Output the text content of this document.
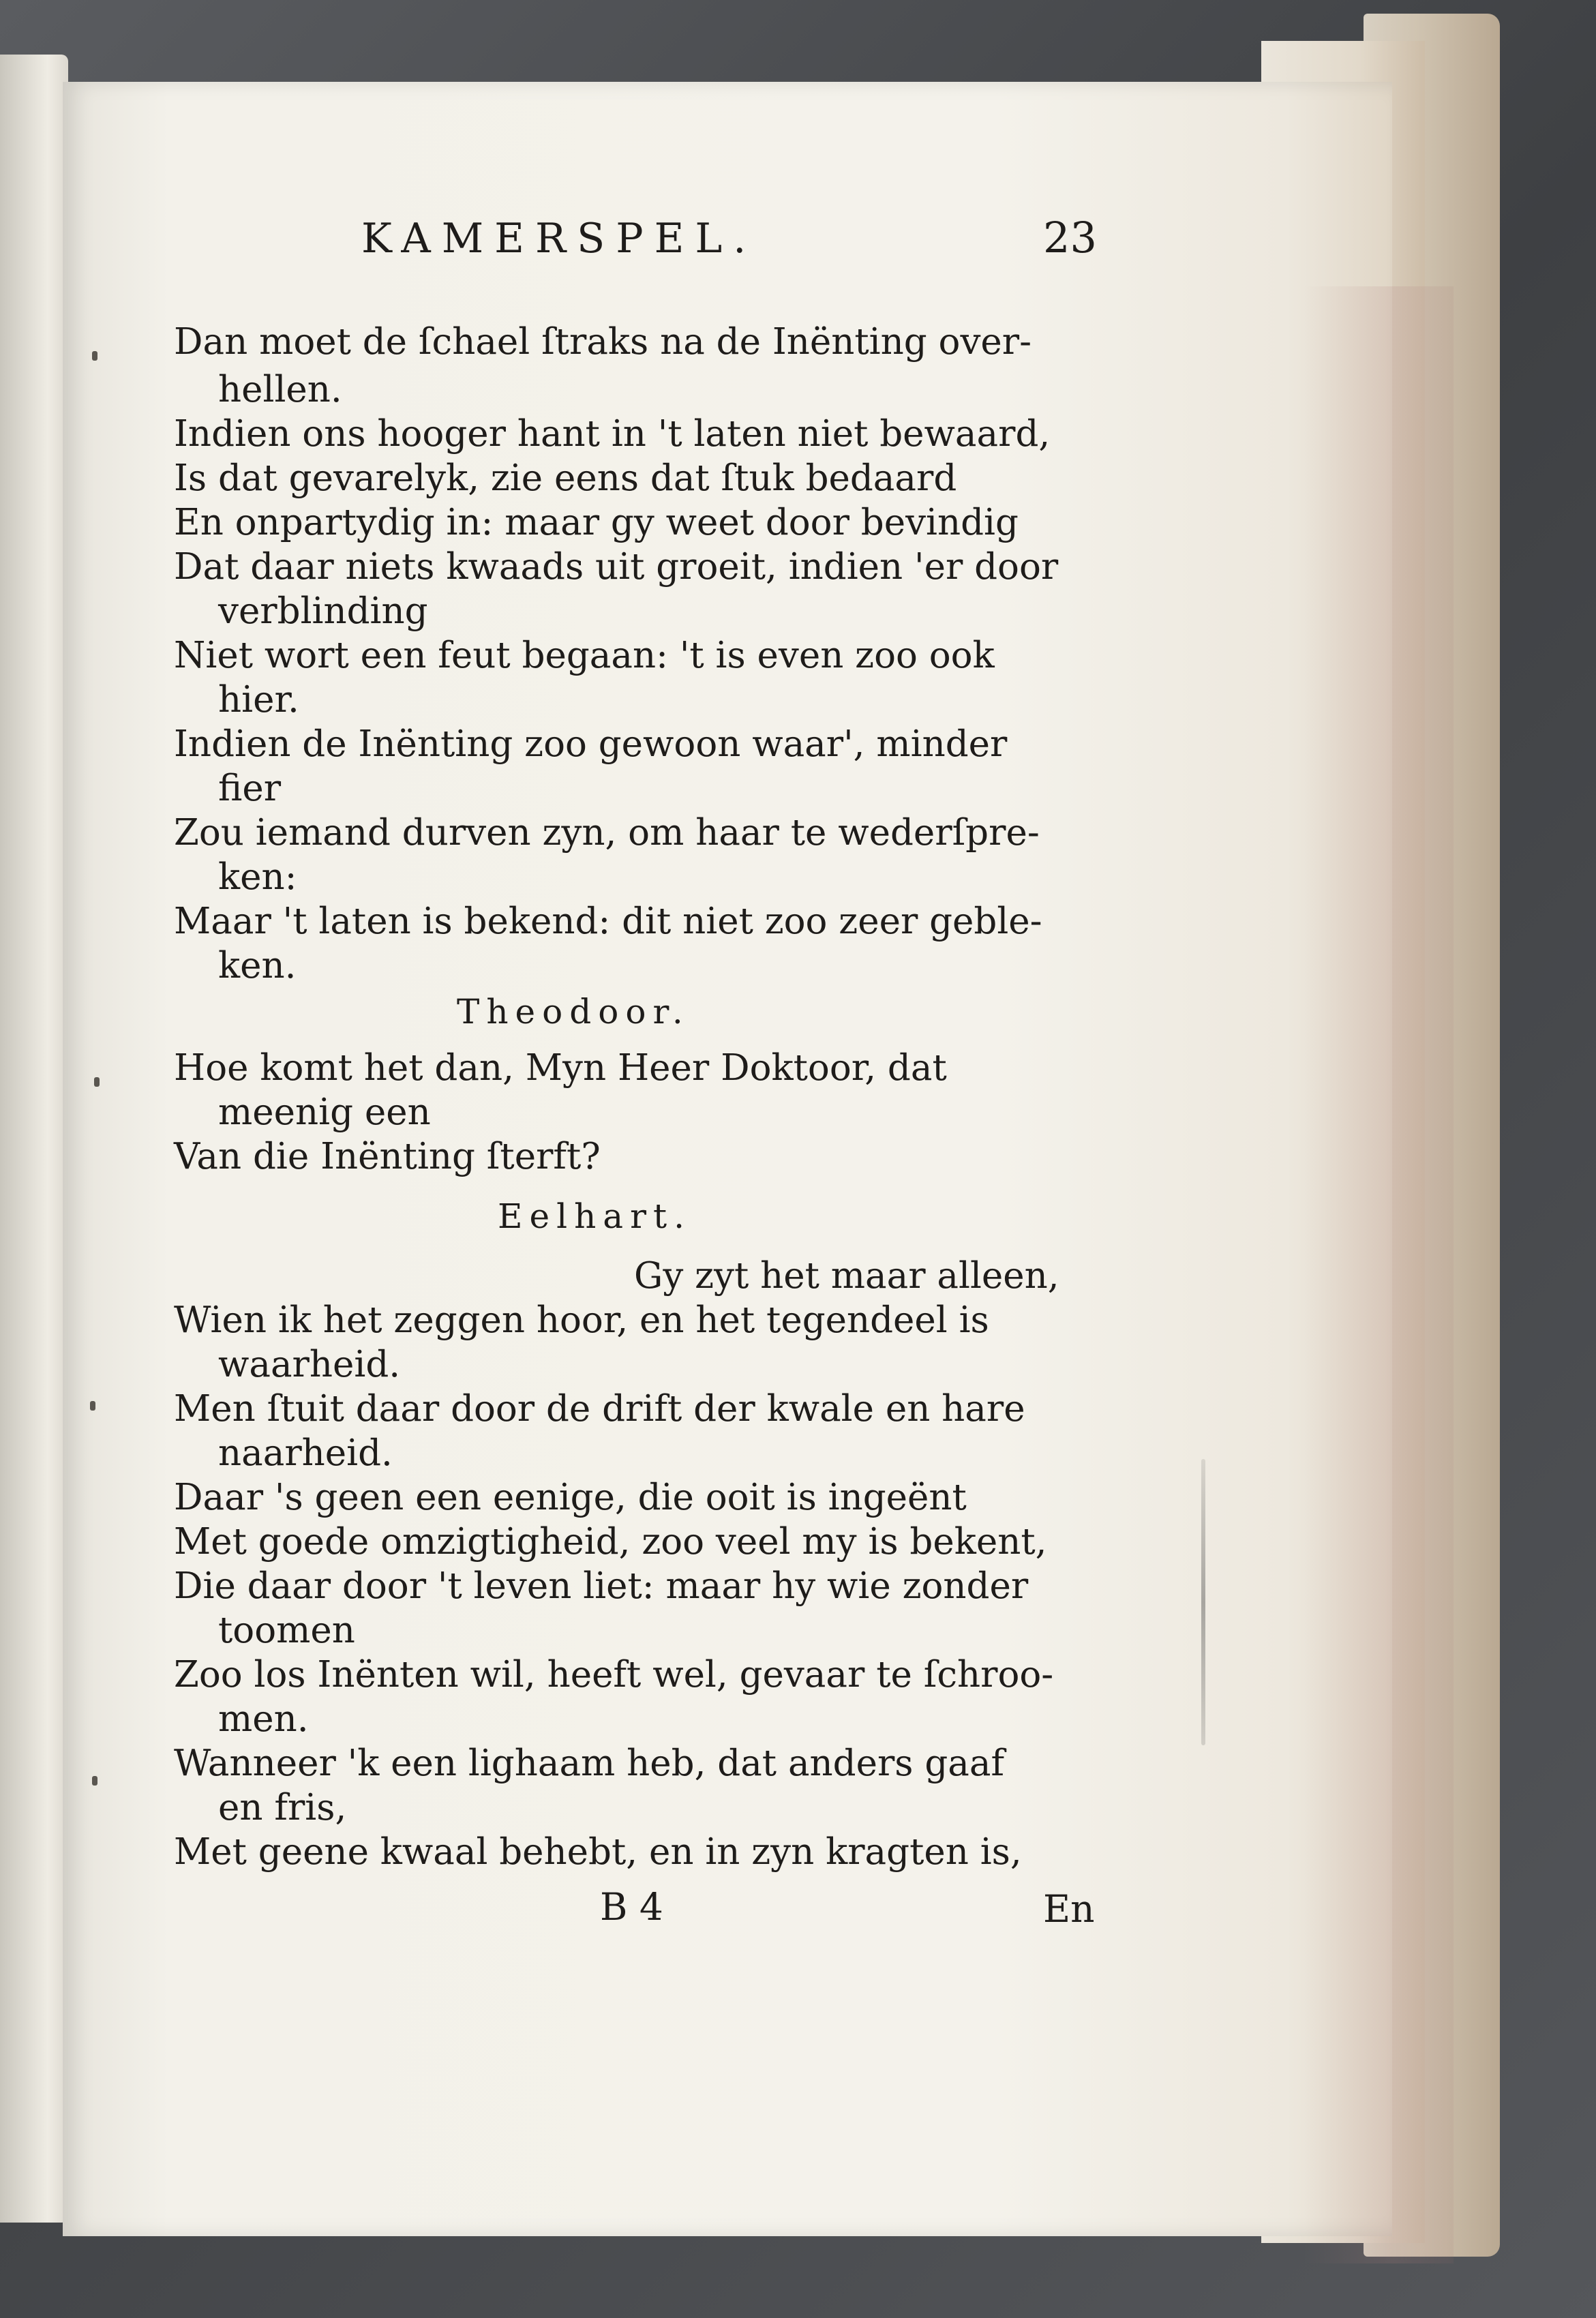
KAMERSPEL.	23
Dan moet de ſchael ſtraks na de Inënting over-
hellen.
Indien ons hooger hant in 't laten niet bewaard,
Is dat gevarelyk, zie eens dat ſtuk bedaard
En onpartydig in: maar gy weet door bevindig
Dat daar niets kwaads uit groeit, indien 'er door
verblinding
Niet wort een feut begaan: 't is even zoo ook
hier.
Indien de Inënting zoo gewoon waar', minder
fier
Zou iemand durven zyn, om haar te wederſpre-
ken:
Maar 't laten is bekend: dit niet zoo zeer geble-
ken.
Theodoor.
Hoe komt het dan, Myn Heer Doktoor, dat
meenig een
Van die Inënting ſterft?
Eelhart.
Gy zyt het maar alleen,
Wien ik het zeggen hoor, en het tegendeel is
waarheid.
Men ſtuit daar door de drift der kwale en hare
naarheid.
Daar 's geen een eenige, die ooit is ingeënt
Met goede omzigtigheid, zoo veel my is bekent,
Die daar door 't leven liet: maar hy wie zonder
toomen
Zoo los Inënten wil, heeft wel, gevaar te ſchroo-
men.
Wanneer 'k een lighaam heb, dat anders gaaf
en fris,
Met geene kwaal behebt, en in zyn kragten is,
B 4	En
